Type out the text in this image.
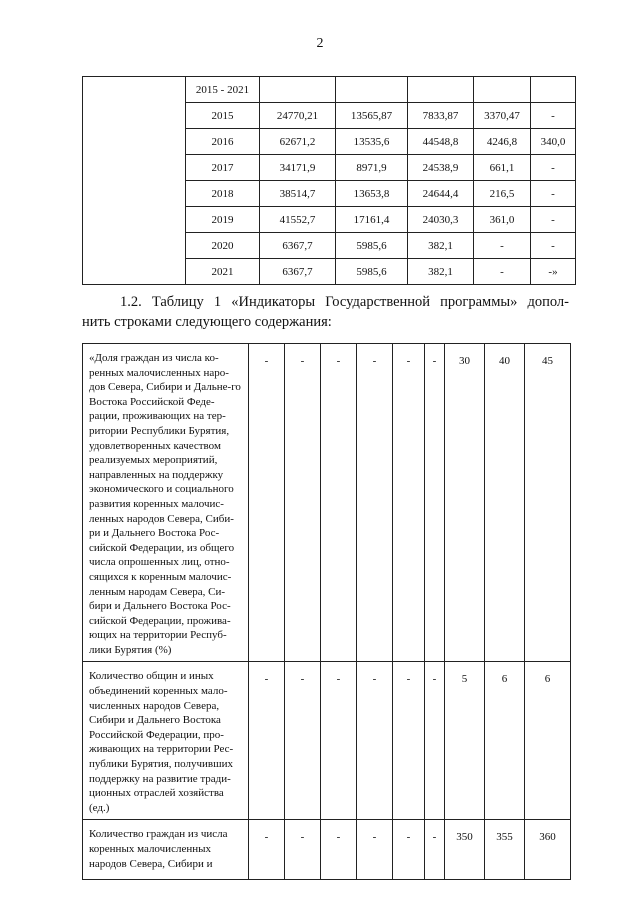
2
	2015 - 2021					
	2015	24770,21	13565,87	7833,87	3370,47	-
	2016	62671,2	13535,6	44548,8	4246,8	340,0
	2017	34171,9	8971,9	24538,9	661,1	-
	2018	38514,7	13653,8	24644,4	216,5	-
	2019	41552,7	17161,4	24030,3	361,0	-
	2020	6367,7	5985,6	382,1	-	-
	2021	6367,7	5985,6	382,1	-	-»
1.2. Таблицу 1 «Индикаторы Государственной программы» допол-
нить строками следующего содержания:
«Доля граждан из числа ко-ренных малочисленных наро-дов Севера, Сибири и Дальне-го Востока Российской Феде-рации, проживающих на тер-ритории Республики Бурятия, удовлетворенных качеством реализуемых мероприятий, направленных на поддержку экономического и социального развития коренных малочис-ленных народов Севера, Сиби-ри и Дальнего Востока Рос-сийской Федерации, из общего числа опрошенных лиц, отно-сящихся к коренным малочис-ленным народам Севера, Си-бири и Дальнего Востока Рос-сийской Федерации, прожива-ющих на территории Респуб-лики Бурятия (%)	-	-	-	-	-	-	30	40	45
Количество общин и иных объединений коренных мало-численных народов Севера, Сибири и Дальнего Востока Российской Федерации, про-живающих на территории Рес-публики Бурятия, получивших поддержку на развитие тради-ционных отраслей хозяйства (ед.)	-	-	-	-	-	-	5	6	6
Количество граждан из числа коренных малочисленных народов Севера, Сибири и	-	-	-	-	-	-	350	355	360
